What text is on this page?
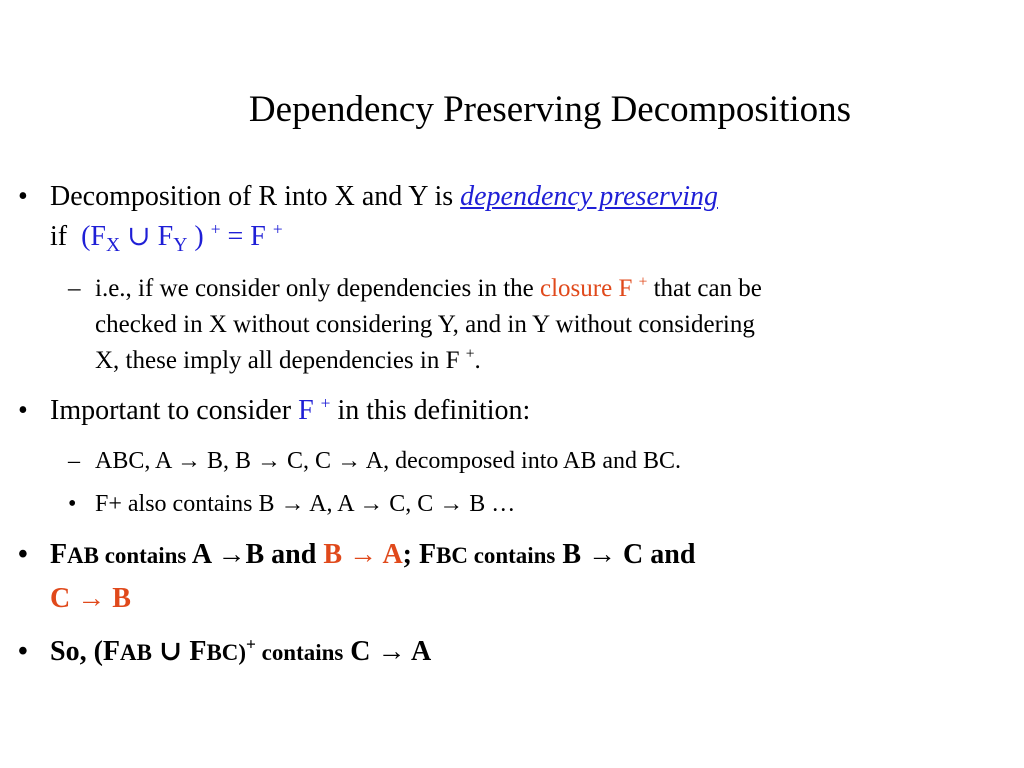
Dependency Preserving Decompositions
• Decomposition of R into X and Y is dependency preserving
if ($F_X$ ∪ $F_Y$ ) + = F +
– i.e., if we consider only dependencies in the closure F + that can be
checked in X without considering Y, and in Y without considering
X, these imply all dependencies in F +.
• Important to consider F + in this definition:
– ABC, A → B, B → C, C → A, decomposed into AB and BC.
• F+ also contains B → A, A → C, C → B …
• FAB contains A →B and B → A; FBC contains B → C and
C → B
• So, (FAB ∪ FBC)+ contains C → A
